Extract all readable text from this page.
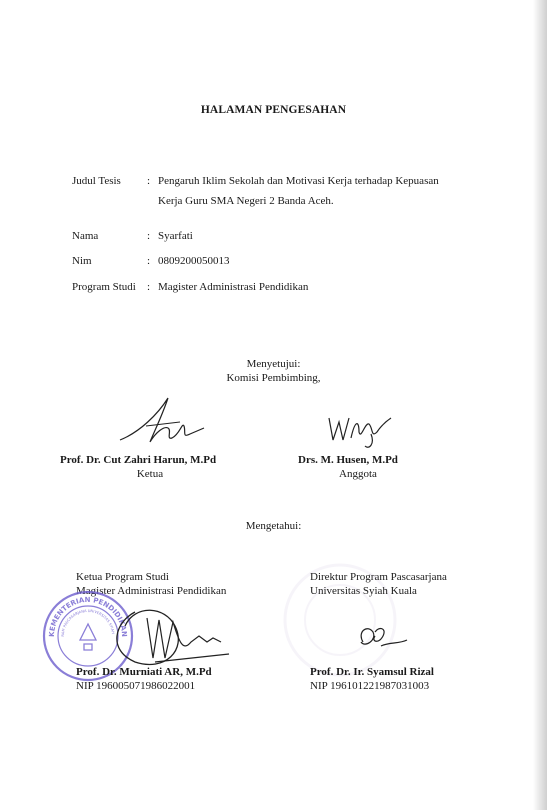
HALAMAN PENGESAHAN
Judul Tesis : Pengaruh Iklim Sekolah dan Motivasi Kerja terhadap Kepuasan
Kerja Guru SMA Negeri 2 Banda Aceh.
Nama	: Syarfati
Nim	: 0809200050013
Program Studi : Magister Administrasi Pendidikan
Menyetujui:
Komisi Pembimbing,
Prof. Dr. Cut Zahri Harun, M.Pd
Ketua
Drs. M. Husen, M.Pd
Anggota
Mengetahui:
Ketua Program Studi
Magister Administrasi Pendidikan
Direktur Program Pascasarjana
Universitas Syiah Kuala
KEMENTERIAN PENDIDIKAN
RAM PASCASARJANA UNIVERSITAS SYIAH
Prof. Dr. Murniati AR, M.Pd
NIP 196005071986022001
Prof. Dr. Ir. Syamsul Rizal
NIP 196101221987031003
